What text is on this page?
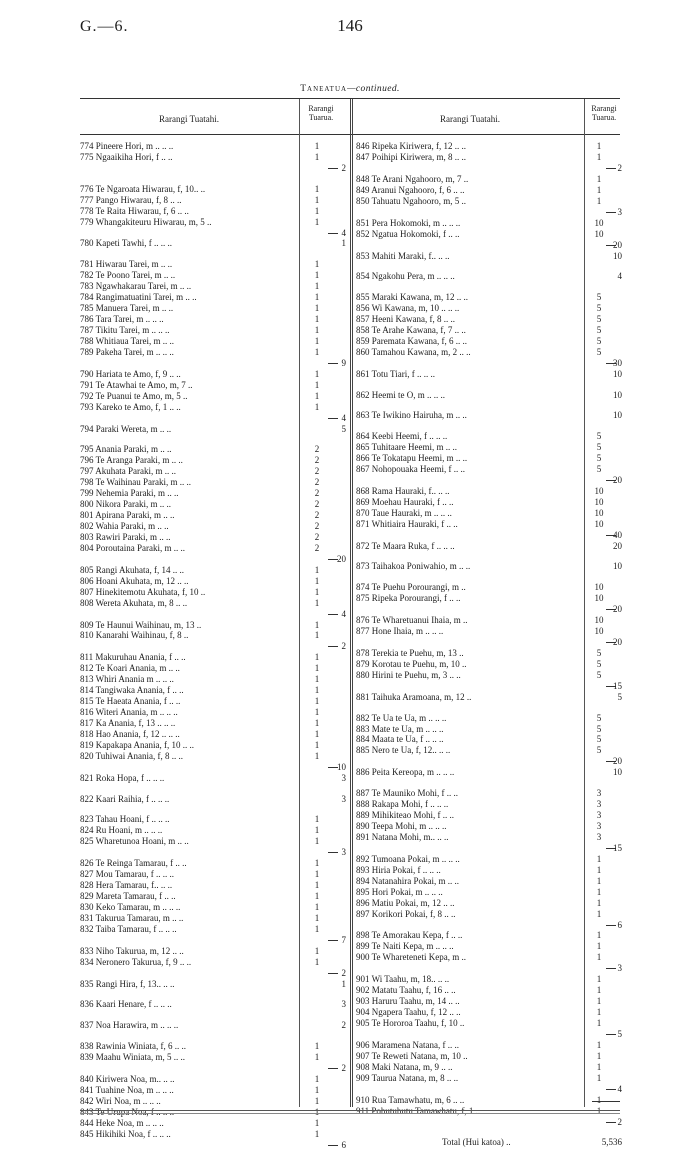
G.—6.	146
Taneatua—continued.
Rarangi Tuatahi.
Rarangi Tuarua.	Rarangi Tuatahi.
Rarangi Tuarua.
774 Pineere Hori, m .. .. ..	1
775 Ngaaikiha Hori, f .. ..	1
2
776 Te Ngaroata Hiwarau, f, 10.. ..	1
777 Pango Hiwarau, f, 8 .. ..	1
778 Te Raita Hiwarau, f, 6 .. ..	1
779 Whangakiteuru Hiwarau, m, 5 ..	1
4
780 Kapeti Tawhi, f .. .. ..	1
781 Hiwarau Tarei, m .. ..	1
782 Te Poono Tarei, m .. ..	1
783 Ngawhakarau Tarei, m .. ..	1
784 Rangimatuatini Tarei, m .. ..	1
785 Manuera Tarei, m .. ..	1
786 Tara Tarei, m .. .. ..	1
787 Tikitu Tarei, m .. .. ..	1
788 Whitiaua Tarei, m .. ..	1
789 Pakeha Tarei, m .. .. ..	1
9
790 Hariata te Amo, f, 9 .. ..	1
791 Te Atawhai te Amo, m, 7 ..	1
792 Te Puanui te Amo, m, 5 ..	1
793 Kareko te Amo, f, 1 .. ..	1
4
794 Paraki Wereta, m .. ..	5
795 Anania Paraki, m .. ..	2
796 Te Aranga Paraki, m .. ..	2
797 Akuhata Paraki, m .. ..	2
798 Te Waihinau Paraki, m .. ..	2
799 Nehemia Paraki, m .. ..	2
800 Nikora Paraki, m .. ..	2
801 Apirana Paraki, m .. ..	2
802 Wahia Paraki, m .. ..	2
803 Rawiri Paraki, m .. ..	2
804 Poroutaina Paraki, m .. ..	2
20
805 Rangi Akuhata, f, 14 .. ..	1
806 Hoani Akuhata, m, 12 .. ..	1
807 Hinekitemotu Akuhata, f, 10 ..	1
808 Wereta Akuhata, m, 8 .. ..	1
4
809 Te Haunui Waihinau, m, 13 ..	1
810 Kanarahi Waihinau, f, 8 ..	1
2
811 Makuruhau Anania, f .. ..	1
812 Te Koari Anania, m .. ..	1
813 Whiri Anania m .. .. ..	1
814 Tangiwaka Anania, f .. ..	1
815 Te Haeata Anania, f .. ..	1
816 Witeri Anania, m .. .. ..	1
817 Ka Anania, f, 13 .. .. ..	1
818 Hao Anania, f, 12 .. .. ..	1
819 Kapakapa Anania, f, 10 .. ..	1
820 Tuhiwai Anania, f, 8 .. ..	1
10
821 Roka Hopa, f .. .. ..	3
822 Kaari Raihia, f .. .. ..	3
823 Tahau Hoani, f .. .. ..	1
824 Ru Hoani, m .. .. ..	1
825 Wharetunoa Hoani, m .. ..	1
3
826 Te Reinga Tamarau, f .. ..	1
827 Mou Tamarau, f .. .. ..	1
828 Hera Tamarau, f.. .. ..	1
829 Mareta Tamarau, f .. ..	1
830 Keko Tamarau, m .. .. ..	1
831 Takurua Tamarau, m .. ..	1
832 Taiba Tamarau, f .. .. ..	1
7
833 Niho Takurua, m, 12 .. ..	1
834 Neronero Takurua, f, 9 .. ..	1
2
835 Rangi Hira, f, 13.. .. ..	1
836 Kaari Henare, f .. .. ..	3
837 Noa Harawira, m .. .. ..	2
838 Rawinia Winiata, f, 6 .. ..	1
839 Maahu Winiata, m, 5 .. ..	1
2
840 Kiriwera Noa, m.. .. ..	1
841 Tuahine Noa, m .. .. ..	1
842 Wiri Noa, m .. .. ..	1
843 Te Urupa Noa, f .. .. ..	1
844 Heke Noa, m .. .. ..	1
845 Hikihiki Noa, f .. .. ..	1
6
846 Ripeka Kiriwera, f, 12 .. ..	1
847 Poihipi Kiriwera, m, 8 .. ..	1
2
848 Te Arani Ngahooro, m, 7 ..	1
849 Aranui Ngahooro, f, 6 .. ..	1
850 Tahuatu Ngahooro, m, 5 ..	1
3
851 Pera Hokomoki, m .. .. ..	10
852 Ngatua Hokomoki, f .. ..	10
20
853 Mahiti Maraki, f.. .. ..	10
854 Ngakohu Pera, m .. .. ..	4
855 Maraki Kawana, m, 12 .. ..	5
856 Wi Kawana, m, 10 .. .. ..	5
857 Heeni Kawana, f, 8 .. ..	5
858 Te Arahe Kawana, f, 7 .. ..	5
859 Paremata Kawana, f, 6 .. ..	5
860 Tamahou Kawana, m, 2 .. ..	5
30
861 Totu Tiari, f .. .. ..	10
862 Heemi te O, m .. .. ..	10
863 Te Iwikino Hairuha, m .. ..	10
864 Keebi Heemi, f .. .. ..	5
865 Tuhitaare Heemi, m .. ..	5
866 Te Tokatapu Heemi, m .. ..	5
867 Nohopouaka Heemi, f .. ..	5
20
868 Rama Hauraki, f.. .. ..	10
869 Moehau Hauraki, f .. ..	10
870 Taue Hauraki, m .. .. ..	10
871 Whitiaira Hauraki, f .. ..	10
40
872 Te Maara Ruka, f .. .. ..	20
873 Taihakoa Poniwahio, m .. ..	10
874 Te Puehu Porourangi, m ..	10
875 Ripeka Porourangi, f .. ..	10
20
876 Te Wharetuanui Ihaia, m ..	10
877 Hone Ihaia, m .. .. ..	10
20
878 Terekia te Puehu, m, 13 ..	5
879 Korotau te Puehu, m, 10 ..	5
880 Hirini te Puehu, m, 3 .. ..	5
15
881 Taihuka Aramoana, m, 12 ..	5
882 Te Ua te Ua, m .. .. ..	5
883 Mate te Ua, m .. .. ..	5
884 Maata te Ua, f .. .. ..	5
885 Nero te Ua, f, 12.. .. ..	5
20
886 Peita Kereopa, m .. .. ..	10
887 Te Mauniko Mohi, f .. ..	3
888 Rakapa Mohi, f .. .. ..	3
889 Mihikiteao Mohi, f .. ..	3
890 Teepa Mohi, m .. .. ..	3
891 Natana Mohi, m.. .. ..	3
15
892 Tumoana Pokai, m .. .. ..	1
893 Hiria Pokai, f .. .. ..	1
894 Natanahira Pokai, m .. ..	1
895 Hori Pokai, m .. .. ..	1
896 Matiu Pokai, m, 12 .. ..	1
897 Korikori Pokai, f, 8 .. ..	1
6
898 Te Amorakau Kepa, f .. ..	1
899 Te Naiti Kepa, m .. .. ..	1
900 Te Whareteneti Kepa, m ..	1
3
901 Wi Taahu, m, 18.. .. ..	1
902 Matatu Taahu, f, 16 .. ..	1
903 Haruru Taahu, m, 14 .. ..	1
904 Ngapera Taahu, f, 12 .. ..	1
905 Te Hororoa Taahu, f, 10 ..	1
5
906 Maramena Natana, f .. ..	1
907 Te Reweti Natana, m, 10 ..	1
908 Maki Natana, m, 9 .. ..	1
909 Taurua Natana, m, 8 .. ..	1
4
910 Rua Tamawhatu, m, 6 .. ..	1
911 Pohutuhutu Tamawhatu, f, 1 ..	1
2
Total (Hui katoa) ..	5,536
